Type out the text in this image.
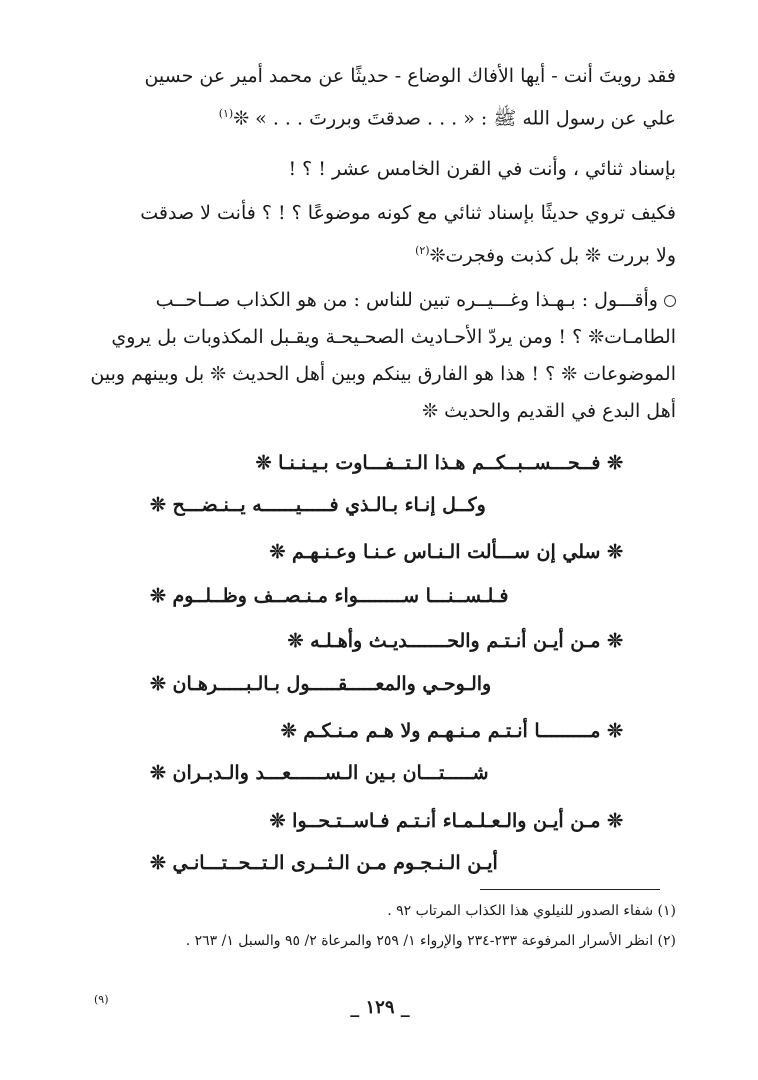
فقد رويتَ أنت - أيها الأفاك الوضاع - حديثًا عن محمد أمير عن حسين
علي عن رسول الله ﷺ : « . . . صدقتَ وبررتَ . . . » ❊$^{(١)}$
بإسناد ثنائي ، وأنت في القرن الخامس عشر ! ؟ !
فكيف تروي حديثًا بإسناد ثنائي مع كونه موضوعًا ؟ ! ؟ فأنت لا صدقت
ولا بررت ❊ بل كذبت وفجرت❊$^{(٢)}$
وأقـــول : بـهـذا وغـــيــره تبين للناس : من هو الكذاب صــاحــب
الطامـات❊ ؟ ! ومن يردّ الأحـاديث الصحـيحـة ويقـبل المكذوبات بل يروي
الموضوعات ❊ ؟ ! هذا هو الفارق بينكم وبين أهل الحديث ❊ بل وبينهم وبين
أهل البدع في القديم والحديث ❊
❊ فــحـــســبــكــم هـذا الـتــفـــاوت بـيـنـنـا ❊
وكــل إنـاء بـالـذي فـــــيــــــه يــنـضـــح ❊
❊ سلي إن ســـألت الـنـاس عـنـا وعـنـهـم ❊
فـلـســنـــا ســــــــواء مـنـصــف وظــلــوم ❊
❊ مـن أيـن أنـتـم والحـــــــديـث وأهـلـه ❊
والـوحـي والمعـــــقـــــول بـالـبـــــرهـان ❊
❊ مـــــــــا أنـتـم مـنـهـم ولا هـم مـنـكـم ❊
شـــــتـــان بـين الـســــــعـــد والـدبـران ❊
❊ مـن أيـن والـعـلـمـاء أنـتـم فـاســتـحــوا ❊
أيـن الـنـجـوم مـن الـثــرى الـتــحــتـــانـي ❊
(١) شفاء الصدور للنيلوي هذا الكذاب المرتاب ٩٢ .
(٢) انظر الأسرار المرفوعة ٢٣٣-٢٣٤ والإرواء ١/ ٢٥٩ والمرعاة ٢/ ٩٥ والسبل ١/ ٢٦٣ .
(٩)	_ ١٢٩ _
